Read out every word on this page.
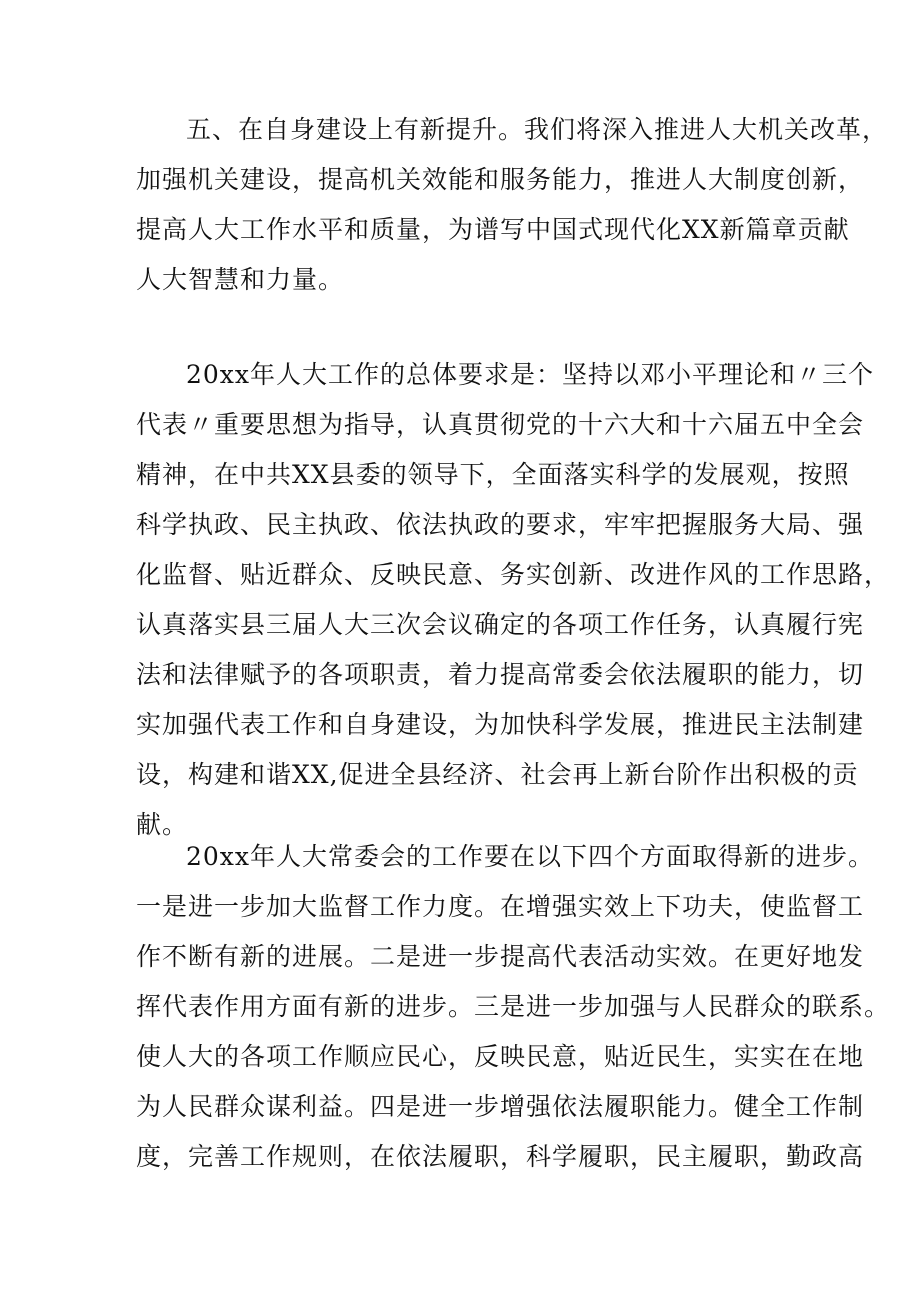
五、在自身建设上有新提升。我们将深入推进人大机关改革，
加强机关建设，提高机关效能和服务能力，推进人大制度创新，
提高人大工作水平和质量，为谱写中国式现代化XX新篇章贡献
人大智慧和力量。
20xx年人大工作的总体要求是：坚持以邓小平理论和〃三个
代表〃重要思想为指导，认真贯彻党的十六大和十六届五中全会
精神，在中共XX县委的领导下，全面落实科学的发展观，按照
科学执政、民主执政、依法执政的要求，牢牢把握服务大局、强
化监督、贴近群众、反映民意、务实创新、改进作风的工作思路，
认真落实县三届人大三次会议确定的各项工作任务，认真履行宪
法和法律赋予的各项职责，着力提高常委会依法履职的能力，切
实加强代表工作和自身建设，为加快科学发展，推进民主法制建
设，构建和谐XX,促进全县经济、社会再上新台阶作出积极的贡
献。
20xx年人大常委会的工作要在以下四个方面取得新的进步。
一是进一步加大监督工作力度。在增强实效上下功夫，使监督工
作不断有新的进展。二是进一步提高代表活动实效。在更好地发
挥代表作用方面有新的进步。三是进一步加强与人民群众的联系。
使人大的各项工作顺应民心，反映民意，贴近民生，实实在在地
为人民群众谋利益。四是进一步增强依法履职能力。健全工作制
度，完善工作规则，在依法履职，科学履职，民主履职，勤政高
